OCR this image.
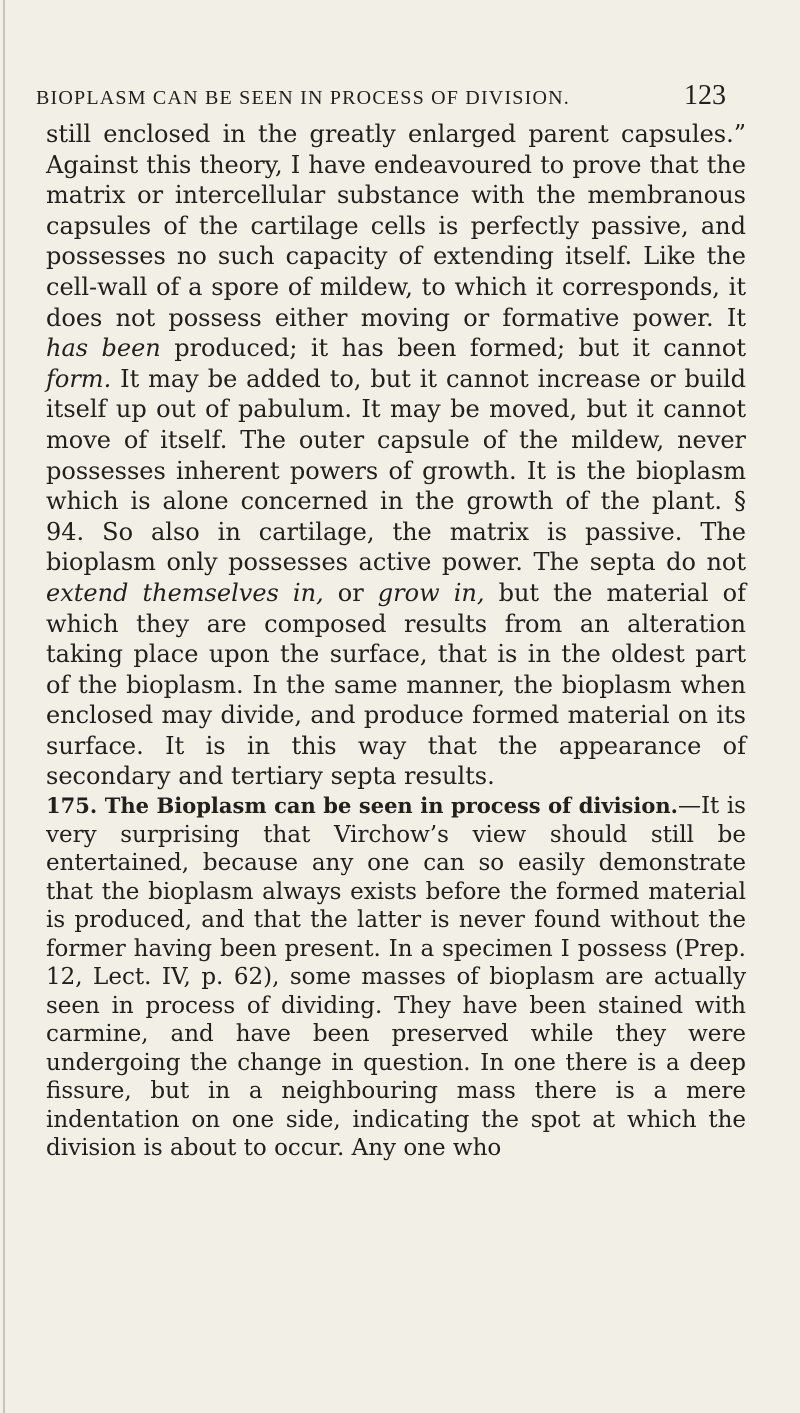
BIOPLASM CAN BE SEEN IN PROCESS OF DIVISION.	123

still enclosed in the greatly enlarged parent capsules.” Against this theory, I have endeavoured to prove that the matrix or intercellular substance with the membranous capsules of the cartilage cells is perfectly passive, and possesses no such capacity of extending itself. Like the cell-wall of a spore of mildew, to which it corresponds, it does not possess either moving or formative power. It has been produced; it has been formed; but it cannot form. It may be added to, but it cannot increase or build itself up out of pabulum. It may be moved, but it cannot move of itself. The outer capsule of the mildew, never possesses inherent powers of growth. It is the bioplasm which is alone concerned in the growth of the plant. § 94. So also in cartilage, the matrix is passive. The bioplasm only possesses active power. The septa do not extend themselves in, or grow in, but the material of which they are composed results from an alteration taking place upon the surface, that is in the oldest part of the bioplasm. In the same manner, the bioplasm when enclosed may divide, and produce formed material on its surface. It is in this way that the appearance of secondary and tertiary septa results.

175. The Bioplasm can be seen in process of division.—It is very surprising that Virchow’s view should still be entertained, because any one can so easily demonstrate that the bioplasm always exists before the formed material is produced, and that the latter is never found without the former having been present. In a specimen I possess (Prep. 12, Lect. IV, p. 62), some masses of bioplasm are actually seen in process of dividing. They have been stained with carmine, and have been preserved while they were undergoing the change in question. In one there is a deep fissure, but in a neighbouring mass there is a mere indentation on one side, indicating the spot at which the division is about to occur. Any one who
